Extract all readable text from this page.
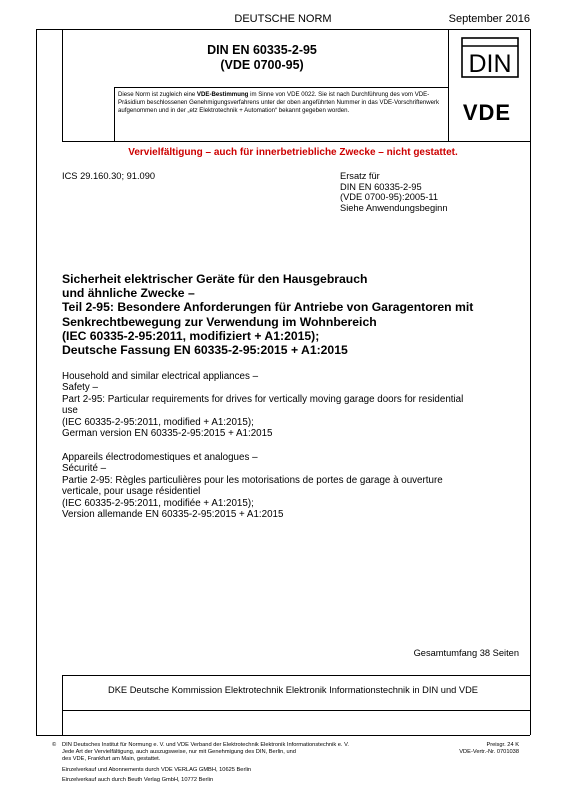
DEUTSCHE NORM	September 2016
DIN EN 60335-2-95
(VDE 0700-95)	DIN
Diese Norm ist zugleich eine VDE-Bestimmung im Sinne von VDE 0022. Sie ist nach Durchführung des vom VDE-Präsidium beschlossenen Genehmigungsverfahrens unter der oben angeführten Nummer in das VDE-Vorschriftenwerk aufgenommen und in der „etz Elektrotechnik + Automation“ bekannt gegeben worden.	VDE
Vervielfältigung – auch für innerbetriebliche Zwecke – nicht gestattet.
ICS 29.160.30; 91.090	Ersatz für
DIN EN 60335-2-95
(VDE 0700-95):2005-11
Siehe Anwendungsbeginn
Sicherheit elektrischer Geräte für den Hausgebrauch
und ähnliche Zwecke –
Teil 2-95: Besondere Anforderungen für Antriebe von Garagentoren mit
Senkrechtbewegung zur Verwendung im Wohnbereich
(IEC 60335-2-95:2011, modifiziert + A1:2015);
Deutsche Fassung EN 60335-2-95:2015 + A1:2015
Household and similar electrical appliances –
Safety –
Part 2-95: Particular requirements for drives for vertically moving garage doors for residential
use
(IEC 60335-2-95:2011, modified + A1:2015);
German version EN 60335-2-95:2015 + A1:2015
Appareils électrodomestiques et analogues –
Sécurité –
Partie 2-95: Règles particulières pour les motorisations de portes de garage à ouverture
verticale, pour usage résidentiel
(IEC 60335-2-95:2011, modifiée + A1:2015);
Version allemande EN 60335-2-95:2015 + A1:2015
Gesamtumfang 38 Seiten
DKE Deutsche Kommission Elektrotechnik Elektronik Informationstechnik in DIN und VDE
© DIN Deutsches Institut für Normung e. V. und VDE Verband der Elektrotechnik Elektronik Informationstechnik e. V.
Jede Art der Vervielfältigung, auch auszugsweise, nur mit Genehmigung des DIN, Berlin, und
des VDE, Frankfurt am Main, gestattet.
Preisgr. 24 K
VDE-Vertr.-Nr. 0701038
Einzelverkauf und Abonnements durch VDE VERLAG GMBH, 10625 Berlin
Einzelverkauf auch durch Beuth Verlag GmbH, 10772 Berlin
